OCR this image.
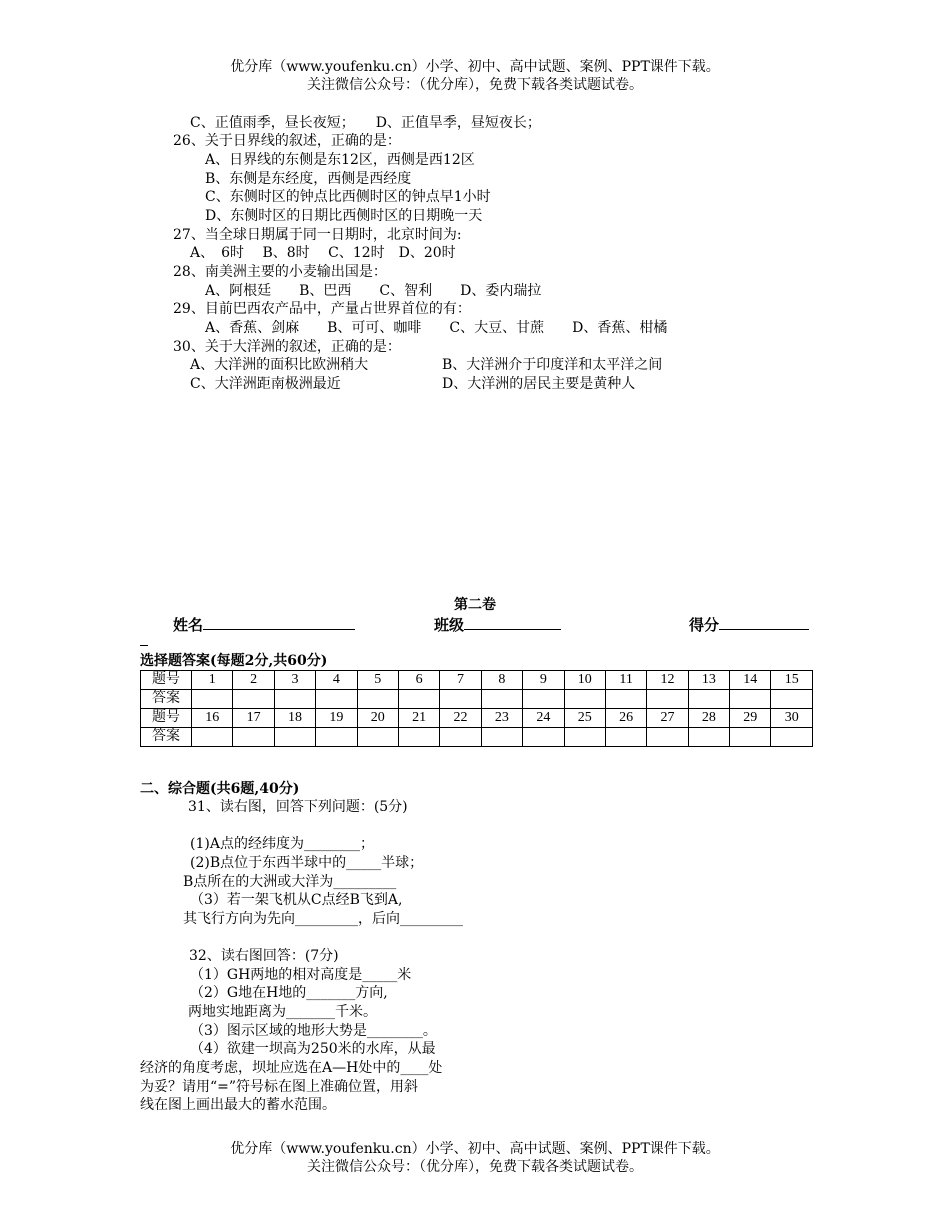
优分库（www.youfenku.cn）小学、初中、高中试题、案例、PPT课件下载。
关注微信公众号：（优分库），免费下载各类试题试卷。
C、正值雨季，昼长夜短；　　D、正值旱季，昼短夜长；
26、关于日界线的叙述，正确的是：
A、日界线的东侧是东12区，西侧是西12区
B、东侧是东经度，西侧是西经度
C、东侧时区的钟点比西侧时区的钟点早1小时
D、东侧时区的日期比西侧时区的日期晚一天
27、当全球日期属于同一日期时，北京时间为:
A、　6时　 B、8时　 C、12时　D、20时
28、南美洲主要的小麦输出国是：
A、阿根廷　　B、巴西　　C、智利　　D、委内瑞拉
29、目前巴西农产品中，产量占世界首位的有：
A、香蕉、剑麻　　B、可可、咖啡　　C、大豆、甘蔗　　D、香蕉、柑橘
30、关于大洋洲的叙述，正确的是：
A、大洋洲的面积比欧洲稍大	B、大洋洲介于印度洋和太平洋之间
C、大洋洲距南极洲最近	D、大洋洲的居民主要是黄种人
第二卷
姓名	班级	得分
选择题答案(每题2分,共60分)
题号	1	2	3	4	5	6	7	8	9	10	11	12	13	14	15
答案															
题号	16	17	18	19	20	21	22	23	24	25	26	27	28	29	30
答案															
二、综合题(共6题,40分)
31、读右图，回答下列问题：(5分)
(1)A点的经纬度为________；
(2)B点位于东西半球中的_____半球；
B点所在的大洲或大洋为_________
（3）若一架飞机从C点经B飞到A,
其飞行方向为先向_________，后向_________
32、读右图回答：(7分)
（1）GH两地的相对高度是_____米
（2）G地在H地的_______方向,
两地实地距离为_______千米。
（3）图示区域的地形大势是________。
（4）欲建一坝高为250米的水库，从最
经济的角度考虑，坝址应选在A—H处中的____处
为妥？请用“=”符号标在图上准确位置，用斜
线在图上画出最大的蓄水范围。
优分库（www.youfenku.cn）小学、初中、高中试题、案例、PPT课件下载。
关注微信公众号：（优分库），免费下载各类试题试卷。
